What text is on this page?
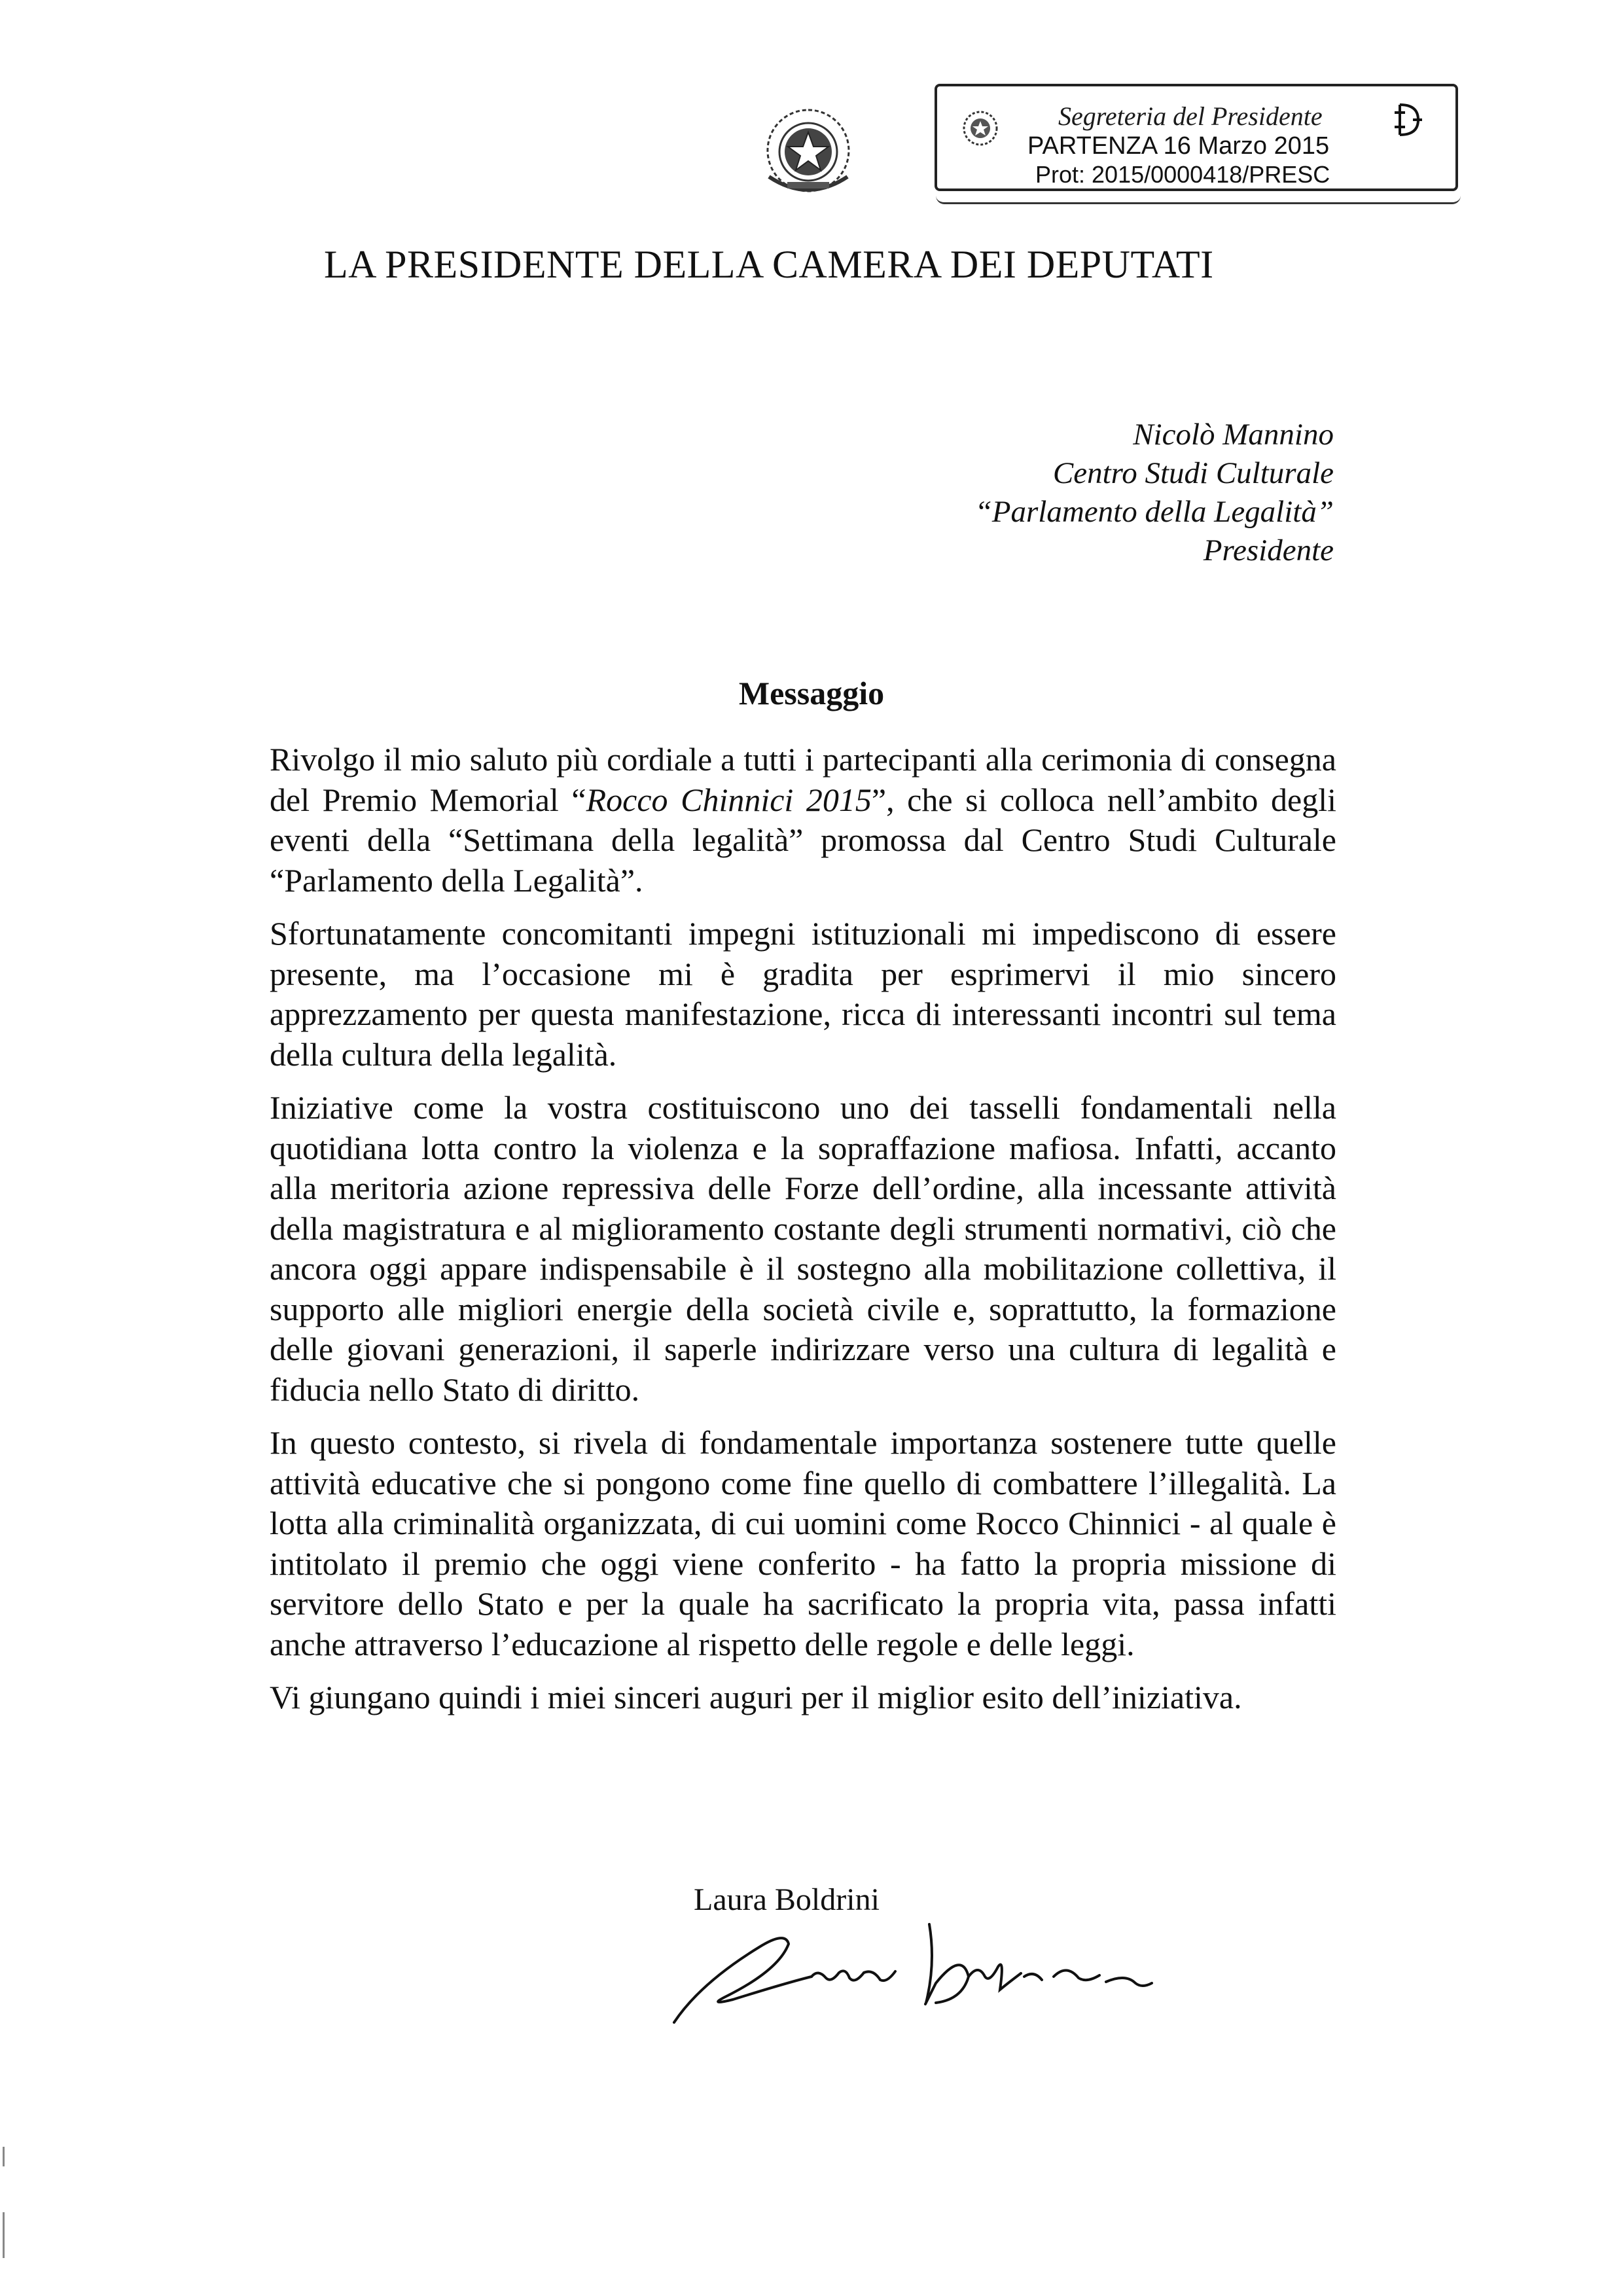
Segreteria del Presidente
PARTENZA 16 Marzo 2015
Prot: 2015/0000418/PRESC
LA PRESIDENTE DELLA CAMERA DEI DEPUTATI
Nicolò Mannino
Centro Studi Culturale
“Parlamento della Legalità”
Presidente
Messaggio

Rivolgo il mio saluto più cordiale a tutti i partecipanti alla cerimonia di consegna del Premio Memorial “Rocco Chinnici 2015”, che si colloca nell’ambito degli eventi della “Settimana della legalità” promossa dal Centro Studi Culturale “Parlamento della Legalità”.

Sfortunatamente concomitanti impegni istituzionali mi impediscono di essere presente, ma l’occasione mi è gradita per esprimervi il mio sincero apprezzamento per questa manifestazione, ricca di interessanti incontri sul tema della cultura della legalità.

Iniziative come la vostra costituiscono uno dei tasselli fondamentali nella quotidiana lotta contro la violenza e la sopraffazione mafiosa. Infatti, accanto alla meritoria azione repressiva delle Forze dell’ordine, alla incessante attività della magistratura e al miglioramento costante degli strumenti normativi, ciò che ancora oggi appare indispensabile è il sostegno alla mobilitazione collettiva, il supporto alle migliori energie della società civile e, soprattutto, la formazione delle giovani generazioni, il saperle indirizzare verso una cultura di legalità e fiducia nello Stato di diritto.

In questo contesto, si rivela di fondamentale importanza sostenere tutte quelle attività educative che si pongono come fine quello di combattere l’illegalità. La lotta alla criminalità organizzata, di cui uomini come Rocco Chinnici - al quale è intitolato il premio che oggi viene conferito - ha fatto la propria missione di servitore dello Stato e per la quale ha sacrificato la propria vita, passa infatti anche attraverso l’educazione al rispetto delle regole e delle leggi.

Vi giungano quindi i miei sinceri auguri per il miglior esito dell’iniziativa.

Laura Boldrini
